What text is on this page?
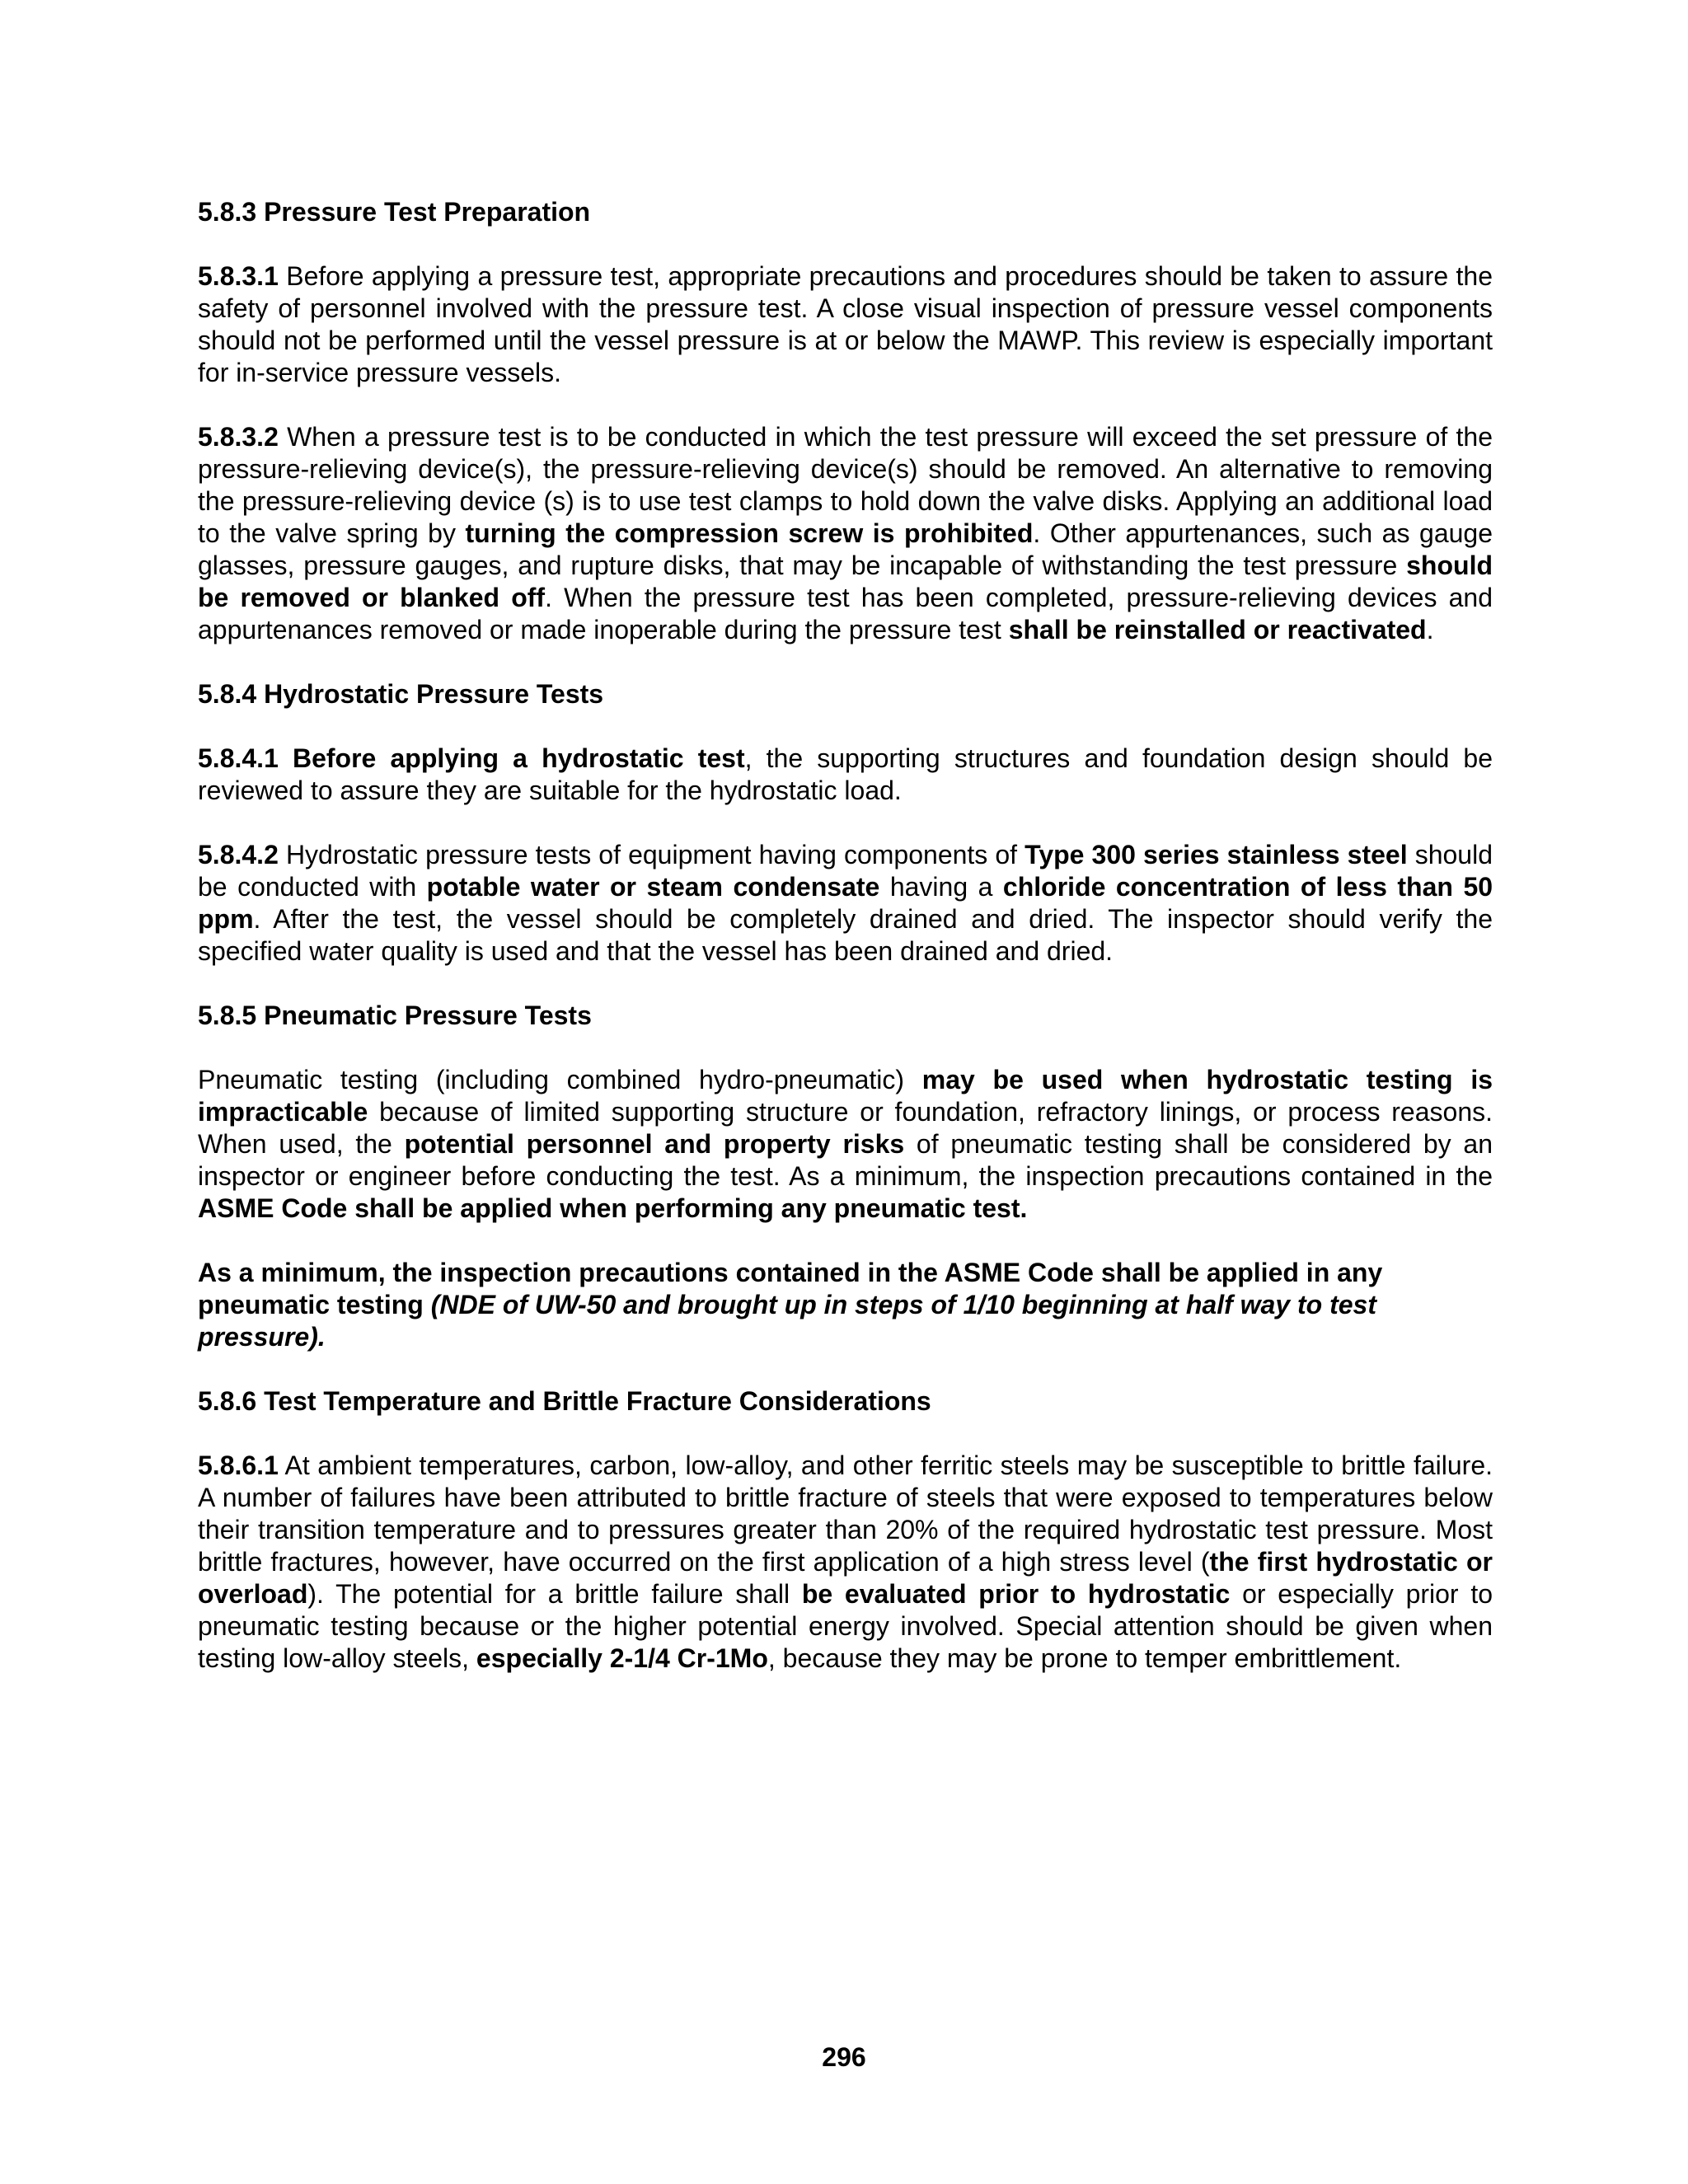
5.8.3 Pressure Test Preparation

5.8.3.1 Before applying a pressure test, appropriate precautions and procedures should be taken to assure the safety of personnel involved with the pressure test. A close visual inspection of pressure vessel components should not be performed until the vessel pressure is at or below the MAWP. This review is especially important for in-service pressure vessels.

5.8.3.2 When a pressure test is to be conducted in which the test pressure will exceed the set pressure of the pressure-relieving device(s), the pressure-relieving device(s) should be removed. An alternative to removing the pressure-relieving device (s) is to use test clamps to hold down the valve disks. Applying an additional load to the valve spring by turning the compression screw is prohibited. Other appurtenances, such as gauge glasses, pressure gauges, and rupture disks, that may be incapable of withstanding the test pressure should be removed or blanked off. When the pressure test has been completed, pressure-relieving devices and appurtenances removed or made inoperable during the pressure test shall be reinstalled or reactivated.

5.8.4 Hydrostatic Pressure Tests

5.8.4.1 Before applying a hydrostatic test, the supporting structures and foundation design should be reviewed to assure they are suitable for the hydrostatic load.

5.8.4.2 Hydrostatic pressure tests of equipment having components of Type 300 series stainless steel should be conducted with potable water or steam condensate having a chloride concentration of less than 50 ppm. After the test, the vessel should be completely drained and dried. The inspector should verify the specified water quality is used and that the vessel has been drained and dried.

5.8.5 Pneumatic Pressure Tests

Pneumatic testing (including combined hydro-pneumatic) may be used when hydrostatic testing is impracticable because of limited supporting structure or foundation, refractory linings, or process reasons. When used, the potential personnel and property risks of pneumatic testing shall be considered by an inspector or engineer before conducting the test. As a minimum, the inspection precautions contained in the ASME Code shall be applied when performing any pneumatic test.

As a minimum, the inspection precautions contained in the ASME Code shall be applied in any pneumatic testing (NDE of UW-50 and brought up in steps of 1/10 beginning at half way to test pressure).

5.8.6 Test Temperature and Brittle Fracture Considerations

5.8.6.1 At ambient temperatures, carbon, low-alloy, and other ferritic steels may be susceptible to brittle failure. A number of failures have been attributed to brittle fracture of steels that were exposed to temperatures below their transition temperature and to pressures greater than 20% of the required hydrostatic test pressure. Most brittle fractures, however, have occurred on the first application of a high stress level (the first hydrostatic or overload). The potential for a brittle failure shall be evaluated prior to hydrostatic or especially prior to pneumatic testing because or the higher potential energy involved. Special attention should be given when testing low-alloy steels, especially 2-1/4 Cr-1Mo, because they may be prone to temper embrittlement.

296
